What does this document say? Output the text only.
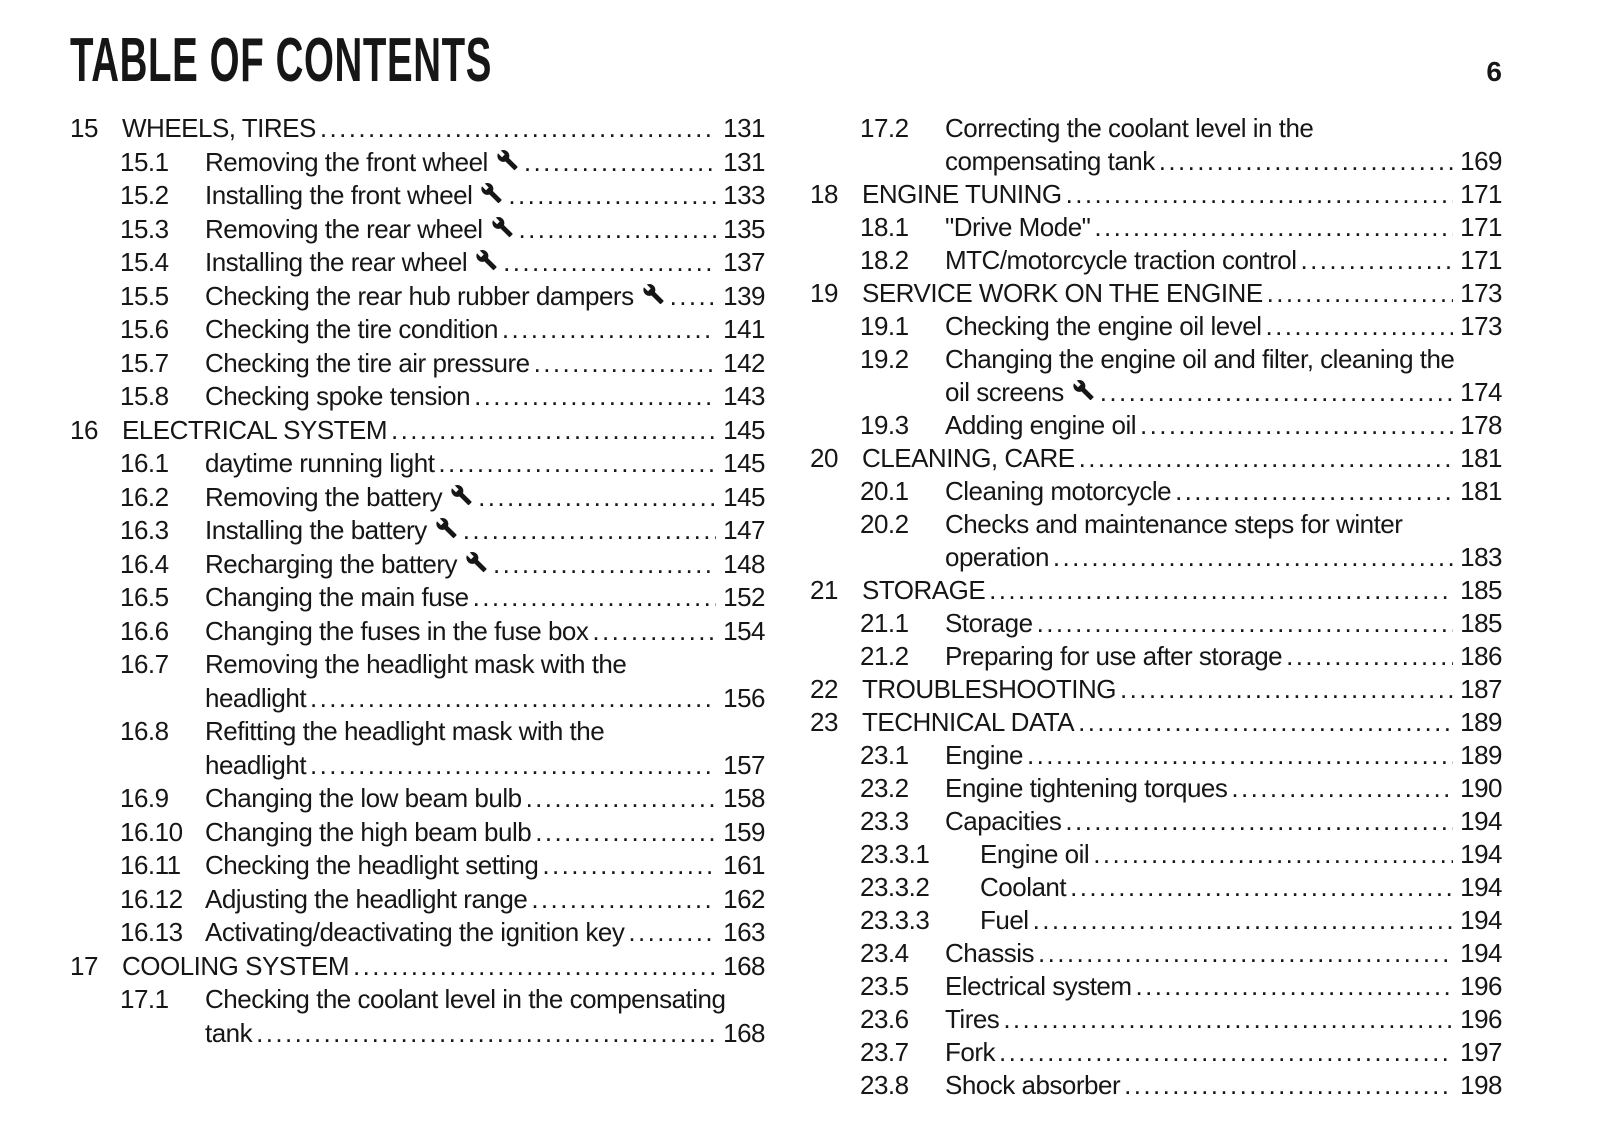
TABLE OF CONTENTS	6
15 WHEELS, TIRES .....	131
15.1	Removing the front wheel .....	131
15.2	Installing the front wheel .....	133
15.3	Removing the rear wheel .....	135
15.4	Installing the rear wheel .....	137
15.5	Checking the rear hub rubber dampers .....	139
15.6	Checking the tire condition .....	141
15.7	Checking the tire air pressure .....	142
15.8	Checking spoke tension .....	143
16 ELECTRICAL SYSTEM .....	145
16.1	daytime running light .....	145
16.2	Removing the battery .....	145
16.3	Installing the battery .....	147
16.4	Recharging the battery .....	148
16.5	Changing the main fuse .....	152
16.6	Changing the fuses in the fuse box .....	154
16.7	Removing the headlight mask with the
headlight .....	156
16.8	Refitting the headlight mask with the
headlight .....	157
16.9	Changing the low beam bulb .....	158
16.10 Changing the high beam bulb .....	159
16.11 Checking the headlight setting .....	161
16.12 Adjusting the headlight range .....	162
16.13 Activating/deactivating the ignition key .....	163
17 COOLING SYSTEM .....	168
17.1	Checking the coolant level in the compensating
tank .....	168
17.2	Correcting the coolant level in the
compensating tank .....	169
18 ENGINE TUNING .....	171
18.1	"Drive Mode" .....	171
18.2	MTC/motorcycle traction control .....	171
19 SERVICE WORK ON THE ENGINE .....	173
19.1	Checking the engine oil level .....	173
19.2	Changing the engine oil and filter, cleaning the
oil screens .....	174
19.3	Adding engine oil .....	178
20 CLEANING, CARE .....	181
20.1	Cleaning motorcycle .....	181
20.2	Checks and maintenance steps for winter
operation .....	183
21 STORAGE .....	185
21.1	Storage .....	185
21.2	Preparing for use after storage .....	186
22 TROUBLESHOOTING .....	187
23 TECHNICAL DATA .....	189
23.1	Engine .....	189
23.2	Engine tightening torques .....	190
23.3	Capacities .....	194
23.3.1	Engine oil .....	194
23.3.2	Coolant .....	194
23.3.3	Fuel .....	194
23.4	Chassis .....	194
23.5	Electrical system .....	196
23.6	Tires .....	196
23.7	Fork .....	197
23.8	Shock absorber .....	198
